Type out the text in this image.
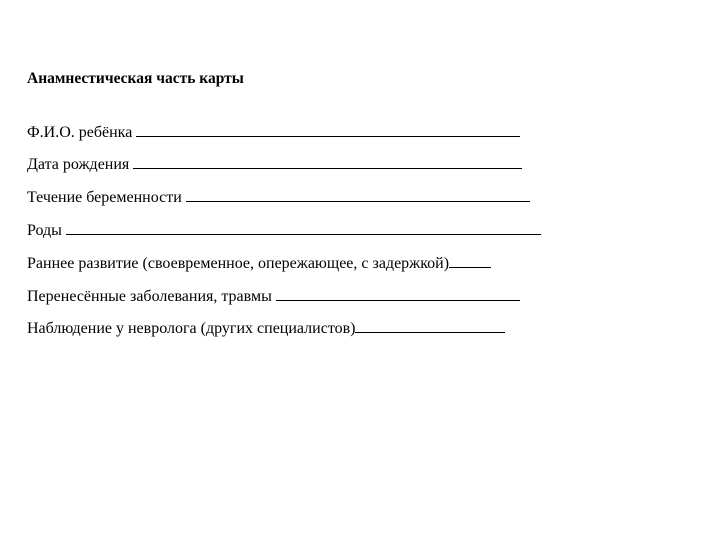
Анамнестическая часть карты
Ф.И.О. ребёнка
Дата рождения
Течение беременности
Роды
Раннее развитие (своевременное, опережающее, с задержкой)
Перенесённые заболевания, травмы
Наблюдение у невролога (других специалистов)
